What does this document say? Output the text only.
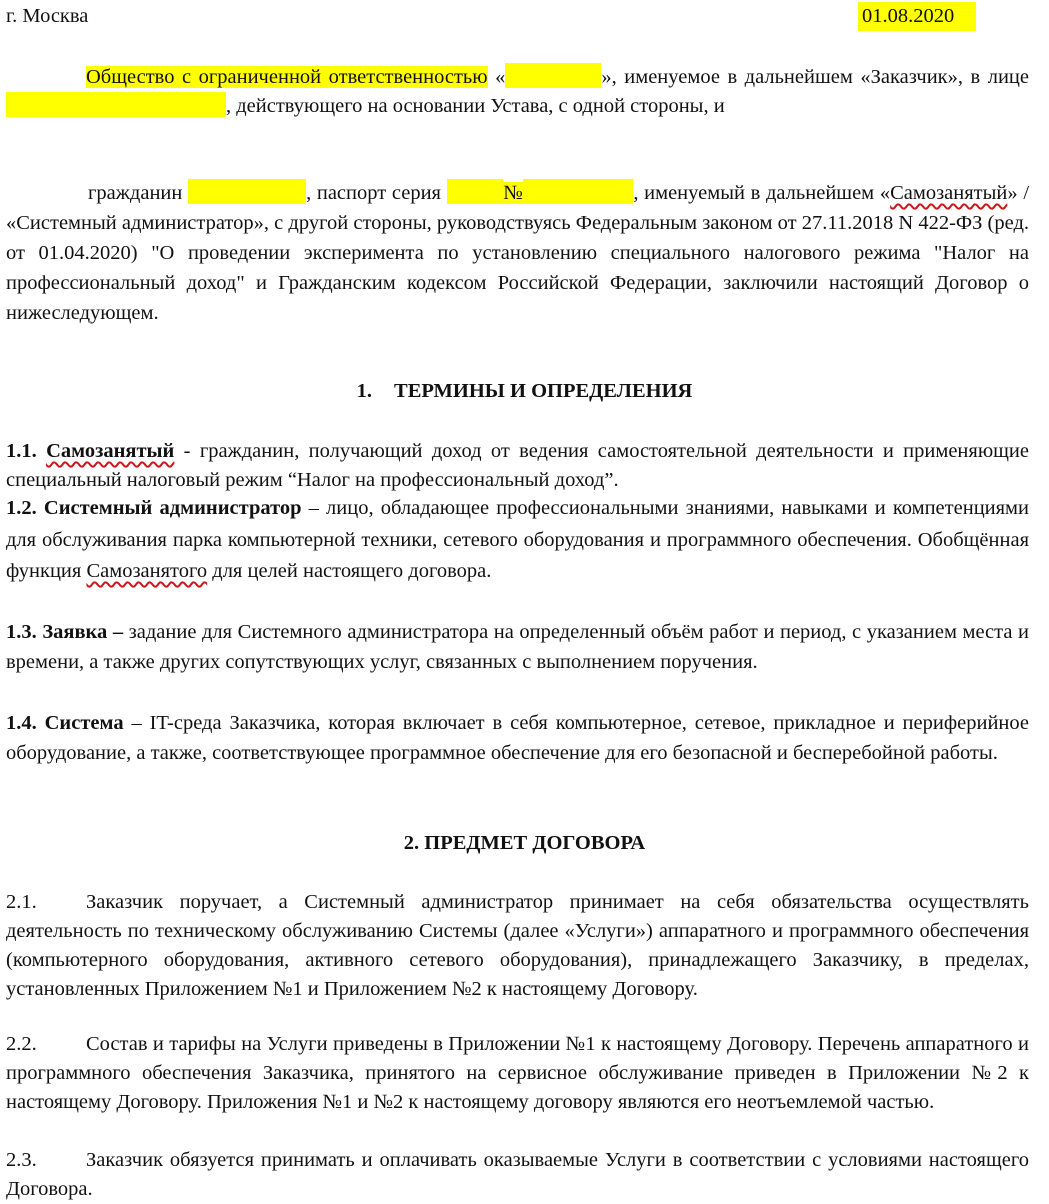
г. Москва	01.08.2020
Общество с ограниченной ответственностью «	», именуемое в дальнейшем «Заказчик», в лице , действующего на основании Устава, с одной стороны, и
гражданин	, паспорт серия	№	, именуемый в дальнейшем «Самозанятый» / «Системный администратор», с другой стороны, руководствуясь Федеральным законом от 27.11.2018 N 422-ФЗ (ред. от 01.04.2020) "О проведении эксперимента по установлению специального налогового режима "Налог на профессиональный доход" и Гражданским кодексом Российской Федерации, заключили настоящий Договор о нижеследующем.
1. ТЕРМИНЫ И ОПРЕДЕЛЕНИЯ
1.1. Самозанятый - гражданин, получающий доход от ведения самостоятельной деятельности и применяющие специальный налоговый режим “Налог на профессиональный доход”.
1.2. Системный администратор – лицо, обладающее профессиональными знаниями, навыками и компетенциями для обслуживания парка компьютерной техники, сетевого оборудования и программного обеспечения. Обобщённая функция Самозанятого для целей настоящего договора.
1.3. Заявка – задание для Системного администратора на определенный объём работ и период, с указанием места и времени, а также других сопутствующих услуг, связанных с выполнением поручения.
1.4. Система – IT-среда Заказчика, которая включает в себя компьютерное, сетевое, прикладное и периферийное оборудование, а также, соответствующее программное обеспечение для его безопасной и бесперебойной работы.
2. ПРЕДМЕТ ДОГОВОРА
2.1. Заказчик поручает, а Системный администратор принимает на себя обязательства осуществлять деятельность по техническому обслуживанию Системы (далее «Услуги») аппаратного и программного обеспечения (компьютерного оборудования, активного сетевого оборудования), принадлежащего Заказчику, в пределах, установленных Приложением №1 и Приложением №2 к настоящему Договору.
2.2. Состав и тарифы на Услуги приведены в Приложении №1 к настоящему Договору. Перечень аппаратного и программного обеспечения Заказчика, принятого на сервисное обслуживание приведен в Приложении №2 к настоящему Договору. Приложения №1 и №2 к настоящему договору являются его неотъемлемой частью.
2.3. Заказчик обязуется принимать и оплачивать оказываемые Услуги в соответствии с условиями настоящего Договора.
